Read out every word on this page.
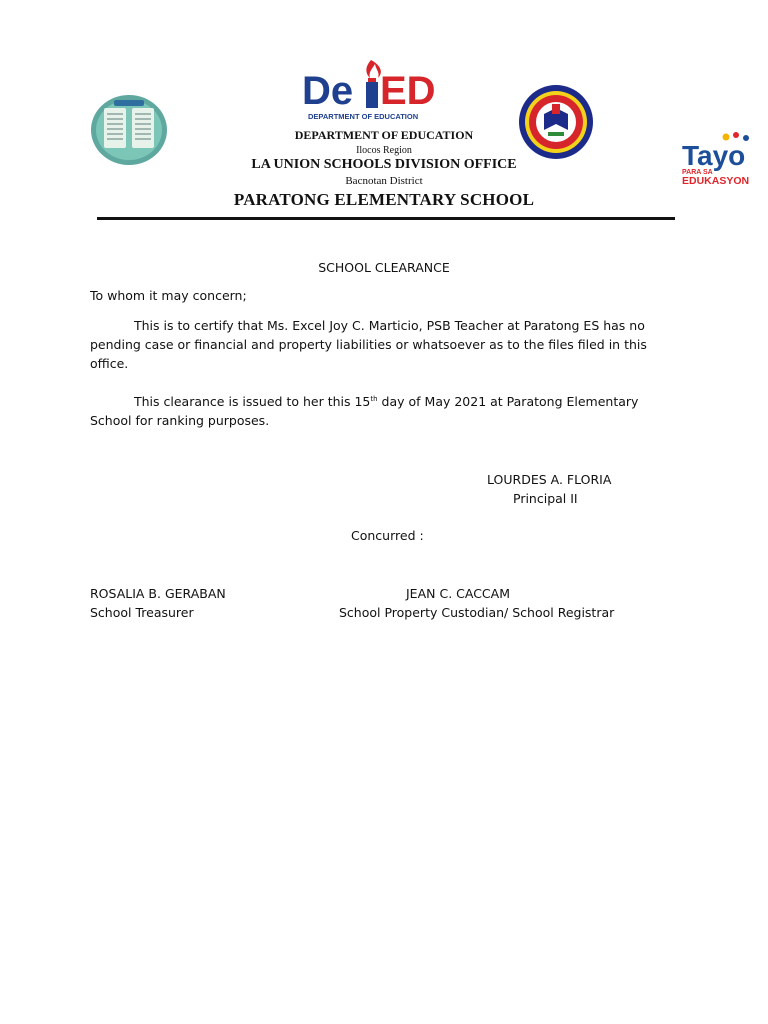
De ED
DEPARTMENT OF EDUCATION
Tayo
PARA SA
EDUKASYON
DEPARTMENT OF EDUCATION
Ilocos Region
LA UNION SCHOOLS DIVISION OFFICE
Bacnotan District
PARATONG ELEMENTARY SCHOOL
SCHOOL CLEARANCE
To whom it may concern;
This is to certify that Ms. Excel Joy C. Marticio, PSB Teacher at Paratong ES has no pending case or financial and property liabilities or whatsoever as to the files filed in this office.
This clearance is issued to her this 15th day of May 2021 at Paratong Elementary School for ranking purposes.
LOURDES A. FLORIA
Principal II
Concurred :
ROSALIA B. GERABAN
School Treasurer
JEAN C. CACCAM
School Property Custodian/ School Registrar
